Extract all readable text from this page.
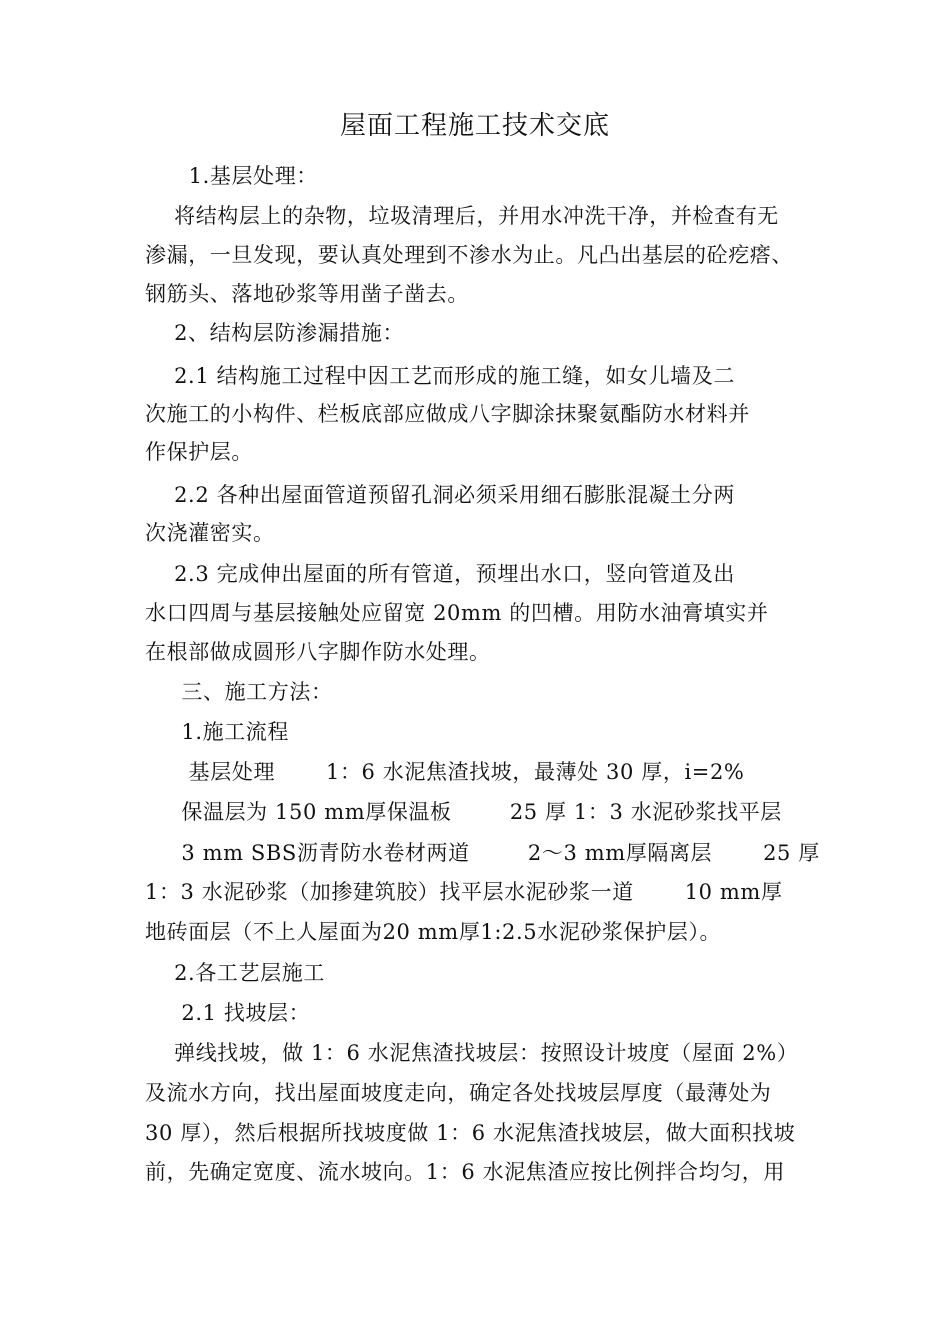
屋面工程施工技术交底
1.基层处理：
将结构层上的杂物，垃圾清理后，并用水冲洗干净，并检查有无
渗漏，一旦发现，要认真处理到不渗水为止。凡凸出基层的砼疙瘩、
钢筋头、落地砂浆等用凿子凿去。
2、结构层防渗漏措施：
2.1 结构施工过程中因工艺而形成的施工缝，如女儿墙及二
次施工的小构件、栏板底部应做成八字脚涂抹聚氨酯防水材料并
作保护层。
2.2 各种出屋面管道预留孔洞必须采用细石膨胀混凝土分两
次浇灌密实。
2.3 完成伸出屋面的所有管道，预埋出水口，竖向管道及出
水口四周与基层接触处应留宽 20mm 的凹槽。用防水油膏填实并
在根部做成圆形八字脚作防水处理。
三、施工方法：
1.施工流程
基层处理       1：6 水泥焦渣找坡，最薄处 30 厚，i=2%
保温层为 150 mm厚保温板        25 厚 1：3 水泥砂浆找平层
3 mm SBS沥青防水卷材两道        2～3 mm厚隔离层       25 厚
1：3 水泥砂浆（加掺建筑胶）找平层水泥砂浆一道       10 mm厚
地砖面层（不上人屋面为20 mm厚1:2.5水泥砂浆保护层）。
2.各工艺层施工
2.1 找坡层：
弹线找坡，做 1：6 水泥焦渣找坡层：按照设计坡度（屋面 2%）
及流水方向，找出屋面坡度走向，确定各处找坡层厚度（最薄处为
30 厚），然后根据所找坡度做 1：6 水泥焦渣找坡层，做大面积找坡
前，先确定宽度、流水坡向。1：6 水泥焦渣应按比例拌合均匀，用
